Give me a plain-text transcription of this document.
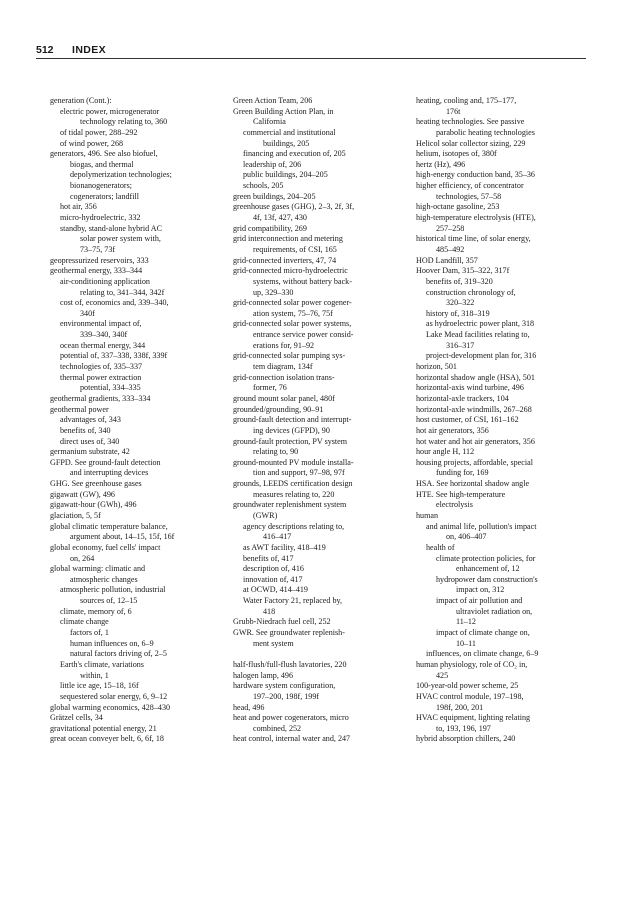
512 INDEX
generation (Cont.):
electric power, microgenerator
technology relating to, 360
of tidal power, 288–292
of wind power, 268
generators, 496. See also biofuel,
biogas, and thermal
depolymerization technologies;
bionanogenerators;
cogenerators; landfill
hot air, 356
micro-hydroelectric, 332
standby, stand-alone hybrid AC
solar power system with,
73–75, 73f
geopressurized reservoirs, 333
geothermal energy, 333–344
air-conditioning application
relating to, 341–344, 342f
cost of, economics and, 339–340,
340f
environmental impact of,
339–340, 340f
ocean thermal energy, 344
potential of, 337–338, 338f, 339f
technologies of, 335–337
thermal power extraction
potential, 334–335
geothermal gradients, 333–334
geothermal power
advantages of, 343
benefits of, 340
direct uses of, 340
germanium substrate, 42
GFPD. See ground-fault detection
and interrupting devices
GHG. See greenhouse gases
gigawatt (GW), 496
gigawatt-hour (GWh), 496
glaciation, 5, 5f
global climatic temperature balance,
argument about, 14–15, 15f, 16f
global economy, fuel cells' impact
on, 264
global warming: climatic and
atmospheric changes
atmospheric pollution, industrial
sources of, 12–15
climate, memory of, 6
climate change
factors of, 1
human influences on, 6–9
natural factors driving of, 2–5
Earth's climate, variations
within, 1
little ice age, 15–18, 16f
sequestered solar energy, 6, 9–12
global warming economics, 428–430
Grätzel cells, 34
gravitational potential energy, 21
great ocean conveyer belt, 6, 6f, 18
Green Action Team, 206
Green Building Action Plan, in
California
commercial and institutional
buildings, 205
financing and execution of, 205
leadership of, 206
public buildings, 204–205
schools, 205
green buildings, 204–205
greenhouse gases (GHG), 2–3, 2f, 3f,
4f, 13f, 427, 430
grid compatibility, 269
grid interconnection and metering
requirements, of CSI, 165
grid-connected inverters, 47, 74
grid-connected micro-hydroelectric
systems, without battery back-
up, 329–330
grid-connected solar power cogener-
ation system, 75–76, 75f
grid-connected solar power systems,
entrance service power consid-
erations for, 91–92
grid-connected solar pumping sys-
tem diagram, 134f
grid-connection isolation trans-
former, 76
ground mount solar panel, 480f
grounded/grounding, 90–91
ground-fault detection and interrupt-
ing devices (GFPD), 90
ground-fault protection, PV system
relating to, 90
ground-mounted PV module installa-
tion and support, 97–98, 97f
grounds, LEEDS certification design
measures relating to, 220
groundwater replenishment system
(GWR)
agency descriptions relating to,
416–417
as AWT facility, 418–419
benefits of, 417
description of, 416
innovation of, 417
at OCWD, 414–419
Water Factory 21, replaced by,
418
Grubb-Niedrach fuel cell, 252
GWR. See groundwater replenish-
ment system
half-flush/full-flush lavatories, 220
halogen lamp, 496
hardware system configuration,
197–200, 198f, 199f
head, 496
heat and power cogenerators, micro
combined, 252
heat control, internal water and, 247
heating, cooling and, 175–177,
176t
heating technologies. See passive
parabolic heating technologies
Helicol solar collector sizing, 229
helium, isotopes of, 380f
hertz (Hz), 496
high-energy conduction band, 35–36
higher efficiency, of concentrator
technologies, 57–58
high-octane gasoline, 253
high-temperature electrolysis (HTE),
257–258
historical time line, of solar energy,
485–492
HOD Landfill, 357
Hoover Dam, 315–322, 317f
benefits of, 319–320
construction chronology of,
320–322
history of, 318–319
as hydroelectric power plant, 318
Lake Mead facilities relating to,
316–317
project-development plan for, 316
horizon, 501
horizontal shadow angle (HSA), 501
horizontal-axis wind turbine, 496
horizontal-axle trackers, 104
horizontal-axle windmills, 267–268
host customer, of CSI, 161–162
hot air generators, 356
hot water and hot air generators, 356
hour angle H, 112
housing projects, affordable, special
funding for, 169
HSA. See horizontal shadow angle
HTE. See high-temperature
electrolysis
human
and animal life, pollution's impact
on, 406–407
health of
climate protection policies, for
enhancement of, 12
hydropower dam construction's
impact on, 312
impact of air pollution and
ultraviolet radiation on,
11–12
impact of climate change on,
10–11
influences, on climate change, 6–9
human physiology, role of CO₂ in,
425
100-year-old power scheme, 25
HVAC control module, 197–198,
198f, 200, 201
HVAC equipment, lighting relating
to, 193, 196, 197
hybrid absorption chillers, 240
